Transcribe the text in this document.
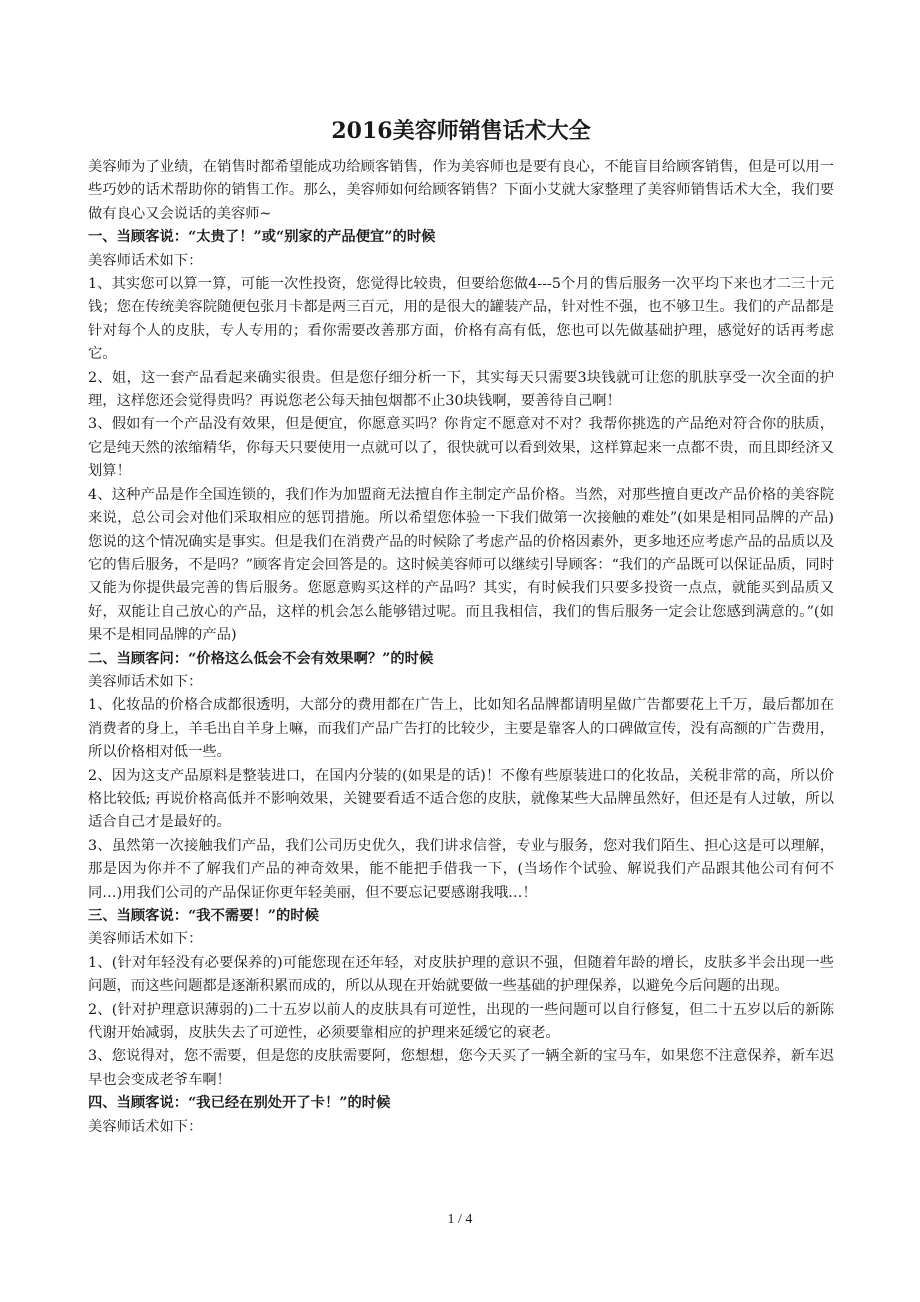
2016美容师销售话术大全

美容师为了业绩，在销售时都希望能成功给顾客销售，作为美容师也是要有良心，不能盲目给顾客销售，但是可以用一些巧妙的话术帮助你的销售工作。那么，美容师如何给顾客销售？下面小艾就大家整理了美容师销售话术大全，我们要做有良心又会说话的美容师~

一、当顾客说：“太贵了！”或“别家的产品便宜”的时候

美容师话术如下：

1、其实您可以算一算，可能一次性投资，您觉得比较贵，但要给您做4---5个月的售后服务一次平均下来也才二三十元钱；您在传统美容院随便包张月卡都是两三百元，用的是很大的罐装产品，针对性不强，也不够卫生。我们的产品都是针对每个人的皮肤，专人专用的；看你需要改善那方面，价格有高有低，您也可以先做基础护理，感觉好的话再考虑它。

2、姐，这一套产品看起来确实很贵。但是您仔细分析一下，其实每天只需要3块钱就可让您的肌肤享受一次全面的护理，这样您还会觉得贵吗？再说您老公每天抽包烟都不止30块钱啊，要善待自己啊！

3、假如有一个产品没有效果，但是便宜，你愿意买吗？你肯定不愿意对不对？我帮你挑选的产品绝对符合你的肤质，它是纯天然的浓缩精华，你每天只要使用一点就可以了，很快就可以看到效果，这样算起来一点都不贵，而且即经济又划算！

4、这种产品是作全国连锁的，我们作为加盟商无法擅自作主制定产品价格。当然，对那些擅自更改产品价格的美容院来说，总公司会对他们采取相应的惩罚措施。所以希望您体验一下我们做第一次接触的难处”(如果是相同品牌的产品)您说的这个情况确实是事实。但是我们在消费产品的时候除了考虑产品的价格因素外，更多地还应考虑产品的品质以及它的售后服务，不是吗？”顾客肯定会回答是的。这时候美容师可以继续引导顾客：“我们的产品既可以保证品质，同时又能为你提供最完善的售后服务。您愿意购买这样的产品吗？其实，有时候我们只要多投资一点点，就能买到品质又好，双能让自己放心的产品，这样的机会怎么能够错过呢。而且我相信，我们的售后服务一定会让您感到满意的。”(如果不是相同品牌的产品)

二、当顾客问：“价格这么低会不会有效果啊？”的时候

美容师话术如下：

1、化妆品的价格合成都很透明，大部分的费用都在广告上，比如知名品牌都请明星做广告都要花上千万，最后都加在消费者的身上，羊毛出自羊身上嘛，而我们产品广告打的比较少，主要是靠客人的口碑做宣传，没有高额的广告费用，所以价格相对低一些。

2、因为这支产品原料是整装进口，在国内分装的(如果是的话)！不像有些原装进口的化妆品，关税非常的高，所以价格比较低; 再说价格高低并不影响效果，关键要看适不适合您的皮肤，就像某些大品牌虽然好，但还是有人过敏，所以适合自己才是最好的。

3、虽然第一次接触我们产品，我们公司历史优久，我们讲求信誉，专业与服务，您对我们陌生、担心这是可以理解，那是因为你并不了解我们产品的神奇效果，能不能把手借我一下，(当场作个试验、解说我们产品跟其他公司有何不同…)用我们公司的产品保证你更年轻美丽，但不要忘记要感谢我哦…！

三、当顾客说：“我不需要！”的时候

美容师话术如下：

1、(针对年轻没有必要保养的)可能您现在还年轻，对皮肤护理的意识不强，但随着年龄的增长，皮肤多半会出现一些问题，而这些问题都是逐渐积累而成的，所以从现在开始就要做一些基础的护理保养，以避免今后问题的出现。

2、(针对护理意识薄弱的)二十五岁以前人的皮肤具有可逆性，出现的一些问题可以自行修复，但二十五岁以后的新陈代谢开始减弱，皮肤失去了可逆性，必须要靠相应的护理来延缓它的衰老。

3、您说得对，您不需要，但是您的皮肤需要阿，您想想，您今天买了一辆全新的宝马车，如果您不注意保养，新车迟早也会变成老爷车啊！

四、当顾客说：“我已经在别处开了卡！”的时候

美容师话术如下：

1 / 4
